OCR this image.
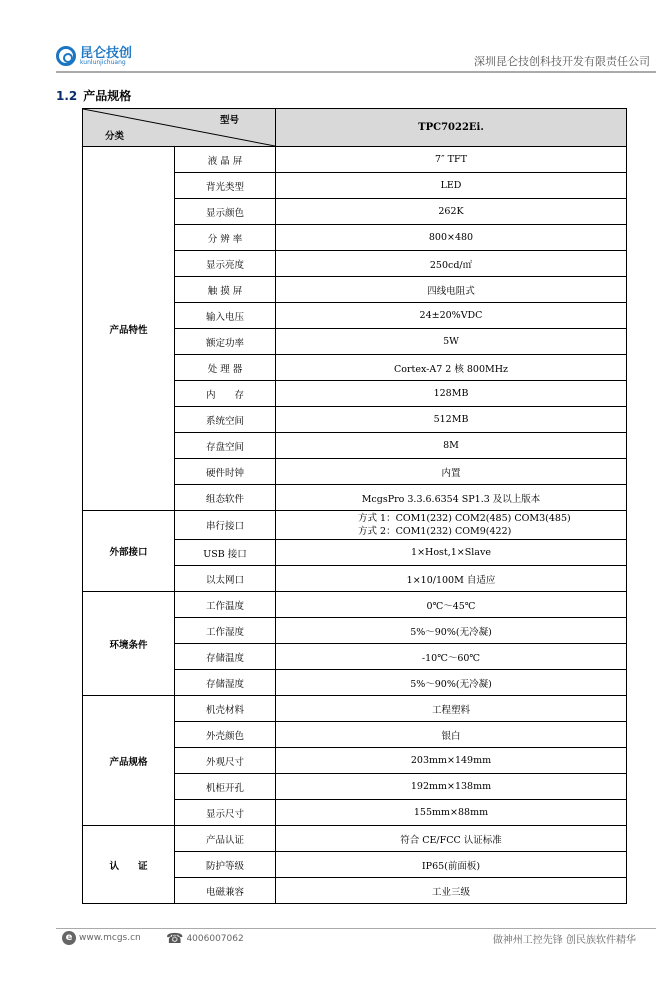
昆仑技创
kunlunjichuang	深圳昆仑技创科技开发有限责任公司
1.2 产品规格
型号
分类		TPC7022Ei.
产品特性	液 晶 屏	7″ TFT
	背光类型	LED
	显示颜色	262K
	分 辨 率	800×480
	显示亮度	250cd/㎡
	触 摸 屏	四线电阻式
	输入电压	24±20%VDC
	额定功率	5W
	处 理 器	Cortex-A7 2 核 800MHz
	内　　存	128MB
	系统空间	512MB
	存盘空间	8M
	硬件时钟	内置
	组态软件	McgsPro 3.3.6.6354 SP1.3 及以上版本
外部接口	串行接口	方式 1：COM1(232) COM2(485) COM3(485)
方式 2：COM1(232) COM9(422)

	USB 接口	1×Host,1×Slave
	以太网口	1×10/100M 自适应
环境条件	工作温度	0℃～45℃
	工作湿度	5%～90%(无冷凝)
	存储温度	-10℃～60℃
	存储湿度	5%～90%(无冷凝)
产品规格	机壳材料	工程塑料
	外壳颜色	银白
	外观尺寸	203mm×149mm
	机柜开孔	192mm×138mm
	显示尺寸	155mm×88mm
认　　证	产品认证	符合 CE/FCC 认证标准
	防护等级	IP65(前面板)
	电磁兼容	工业三级
e www.mcgs.cn ☎ 4006007062	做神州工控先锋 创民族软件精华
